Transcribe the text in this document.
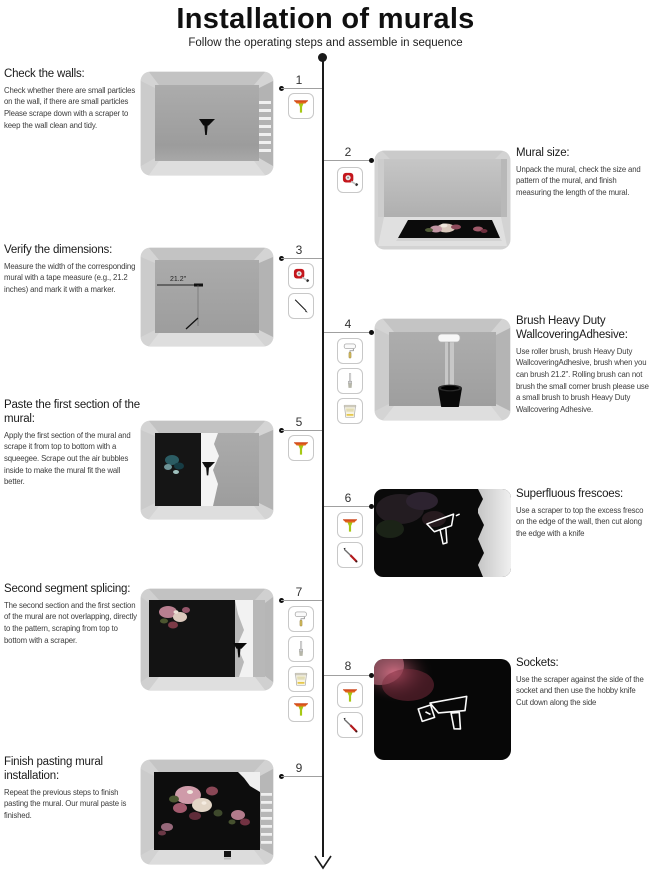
Installation of murals
Follow the operating steps and assemble in sequence
Check the walls:

Check whether there are small particles on the wall, if there are small particles Please scrape down with a scraper to keep the wall clean and tidy.

1
2	Mural size:

Unpack the mural, check the size and pattern of the mural, and finish measuring the length of the mural.

Verify the dimensions:

Measure the width of the corresponding mural with a tape measure (e.g., 21.2 inches) and mark it with a marker.

21.2"
3
4	Brush Heavy Duty WallcoveringAdhesive:

Use roller brush, brush Heavy Duty WallcoveringAdhesive, brush when you can brush 21.2". Rolling brush can not brush the small corner brush please use a small brush to brush Heavy Duty Wallcovering Adhesive.

Paste the first section of the mural:

Apply the first section of the mural and scrape it from top to bottom with a squeegee. Scrape out the air bubbles inside to make the mural fit the wall better.

5
6	Superfluous frescoes:

Use a scraper to top the excess fresco on the edge of the wall, then cut along the edge with a knife

Second segment splicing:

The second section and the first section of the mural are not overlapping, directly to the pattern, scraping from top to bottom with a scraper.

7
8	Sockets:

Use the scraper against the side of the socket and then use the hobby knife Cut down along the side

Finish pasting mural installation:

Repeat the previous steps to finish pasting the mural. Our mural paste is finished.

9
